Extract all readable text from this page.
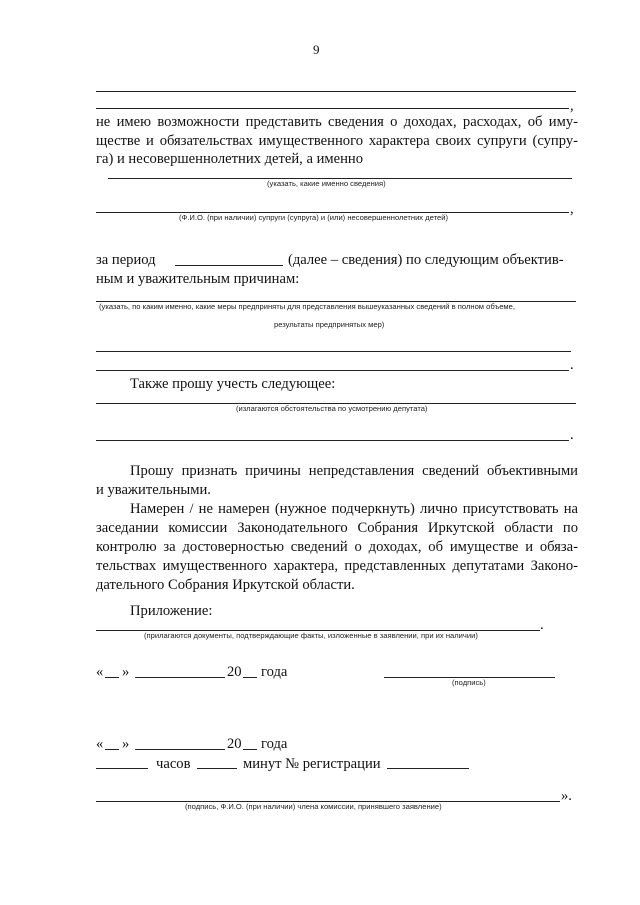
9
,
не имею возможности представить сведения о доходах, расходах, об иму-
ществе и обязательствах имущественного характера своих супруги (супру-
га) и несовершеннолетних детей, а именно
(указать, какие именно сведения)
,
(Ф.И.О. (при наличии) супруги (супруга) и (или) несовершеннолетних детей)
за период	(далее – сведения) по следующим объектив-
ным и уважительным причинам:
(указать, по каким именно, какие меры предприняты для представления вышеуказанных сведений в полном объеме,
результаты предпринятых мер)
.
Также прошу учесть следующее:
(излагаются обстоятельства по усмотрению депутата)
.
Прошу признать причины непредставления сведений объективными
и уважительными.
Намерен / не намерен (нужное подчеркнуть) лично присутствовать на
заседании комиссии Законодательного Собрания Иркутской области по
контролю за достоверностью сведений о доходах, об имуществе и обяза-
тельствах имущественного характера, представленных депутатами Законо-
дательного Собрания Иркутской области.
Приложение:
.
(прилагаются документы, подтверждающие факты, изложенные в заявлении, при их наличии)
« »	20 года
(подпись)
« »	20 года
часов	минут № регистрации
».
(подпись, Ф.И.О. (при наличии) члена комиссии, принявшего заявление)
